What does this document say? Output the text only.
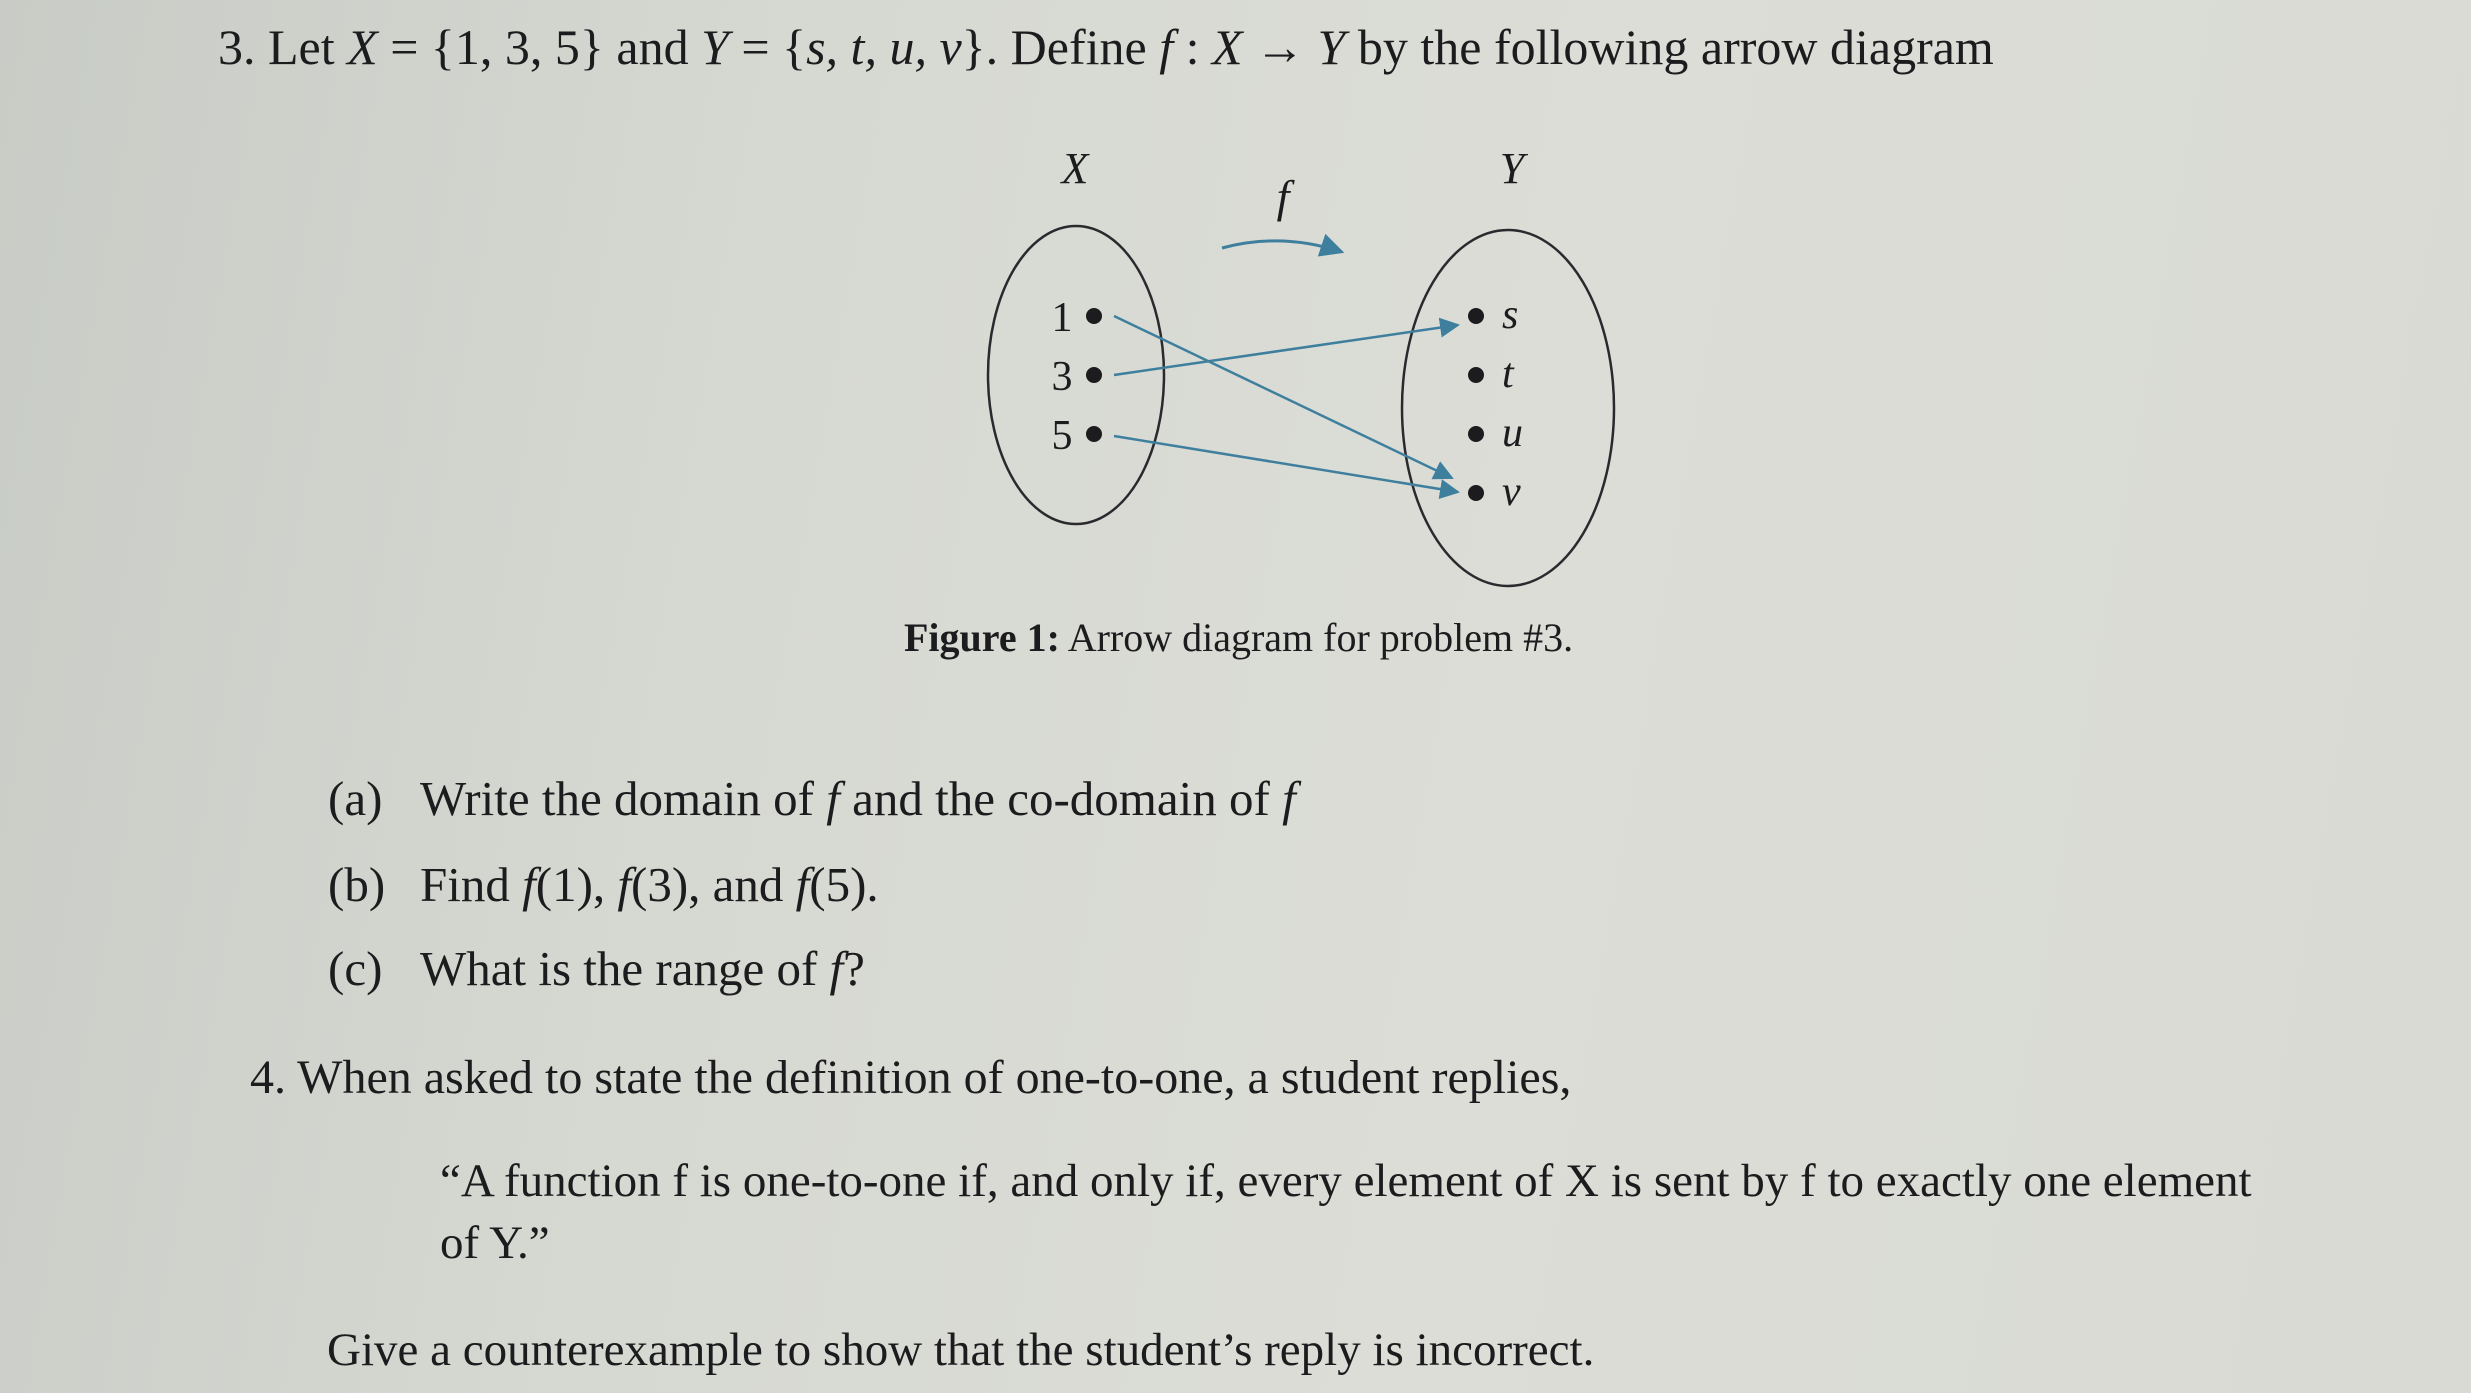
3. Let X = {1, 3, 5} and Y = {s, t, u, v}. Define f : X → Y by the following arrow diagram
X	Y
f
1
3
5
s
t
u
v
Figure 1: Arrow diagram for problem #3.
(a) Write the domain of f and the co-domain of f
(b) Find f(1), f(3), and f(5).
(c) What is the range of f?
4. When asked to state the definition of one-to-one, a student replies,
“A function f is one-to-one if, and only if, every element of X is sent by f to exactly one element of Y.”
Give a counterexample to show that the student’s reply is incorrect.
